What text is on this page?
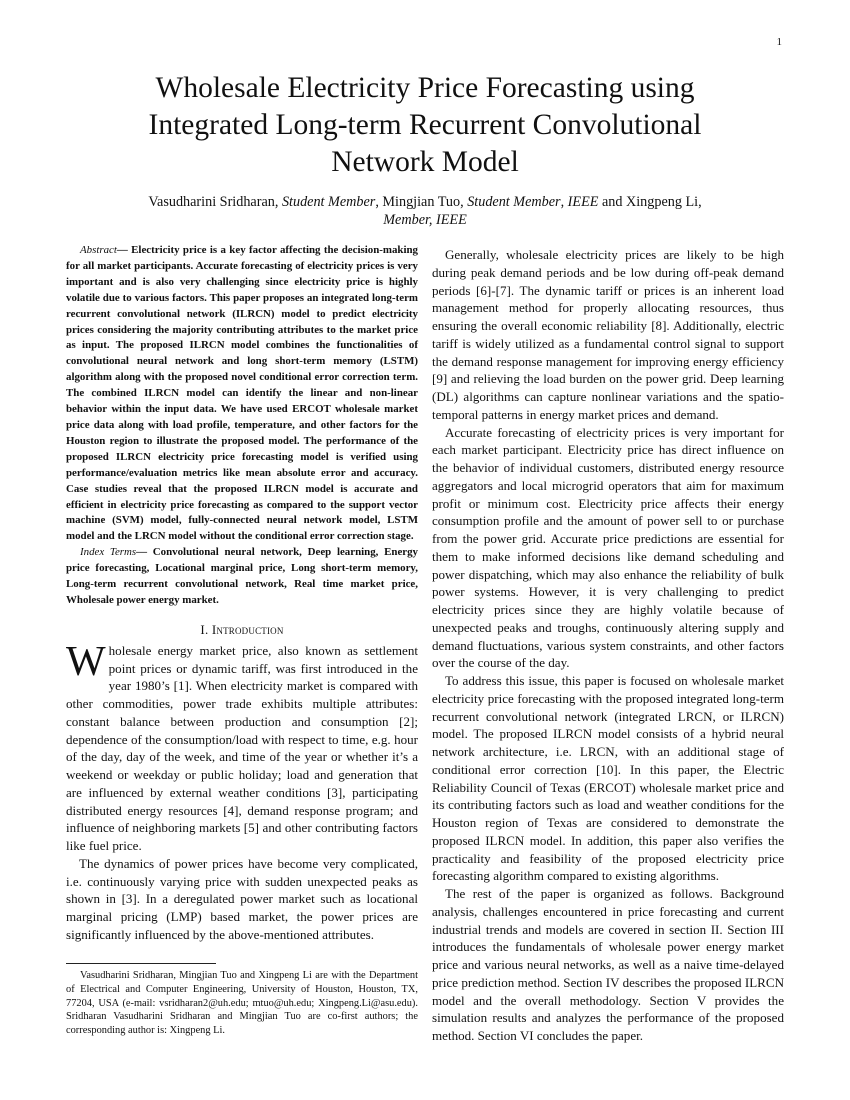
1
Wholesale Electricity Price Forecasting using
Integrated Long-term Recurrent Convolutional
Network Model
Vasudharini Sridharan, Student Member, Mingjian Tuo, Student Member, IEEE and Xingpeng Li,
Member, IEEE

Abstract— Electricity price is a key factor affecting the decision-making for all market participants. Accurate forecasting of electricity prices is very important and is also very challenging since electricity price is highly volatile due to various factors. This paper proposes an integrated long-term recurrent convolutional network (ILRCN) model to predict electricity prices considering the majority contributing attributes to the market price as input. The proposed ILRCN model combines the functionalities of convolutional neural network and long short-term memory (LSTM) algorithm along with the proposed novel conditional error correction term. The combined ILRCN model can identify the linear and non-linear behavior within the input data. We have used ERCOT wholesale market price data along with load profile, temperature, and other factors for the Houston region to illustrate the proposed model. The performance of the proposed ILRCN electricity price forecasting model is verified using performance/evaluation metrics like mean absolute error and accuracy. Case studies reveal that the proposed ILRCN model is accurate and efficient in electricity price forecasting as compared to the support vector machine (SVM) model, fully-connected neural network model, LSTM model and the LRCN model without the conditional error correction stage.

Index Terms— Convolutional neural network, Deep learning, Energy price forecasting, Locational marginal price, Long short-term memory, Long-term recurrent convolutional network, Real time market price, Wholesale power energy market.

I. Introduction

Wholesale energy market price, also known as settlement point prices or dynamic tariff, was first introduced in the year 1980’s [1]. When electricity market is compared with other commodities, power trade exhibits multiple attributes: constant balance between production and consumption [2]; dependence of the consumption/load with respect to time, e.g. hour of the day, day of the week, and time of the year or whether it’s a weekend or weekday or public holiday; load and generation that are influenced by external weather conditions [3], participating distributed energy resources [4], demand response program; and influence of neighboring markets [5] and other contributing factors like fuel price.

The dynamics of power prices have become very complicated, i.e. continuously varying price with sudden unexpected peaks as shown in [3]. In a deregulated power market such as locational marginal pricing (LMP) based market, the power prices are significantly influenced by the above-mentioned attributes.

Vasudharini Sridharan, Mingjian Tuo and Xingpeng Li are with the Department of Electrical and Computer Engineering, University of Houston, Houston, TX, 77204, USA (e-mail: vsridharan2@uh.edu; mtuo@uh.edu; Xingpeng.Li@asu.edu). Sridharan Vasudharini Sridharan and Mingjian Tuo are co-first authors; the corresponding author is: Xingpeng Li.

Generally, wholesale electricity prices are likely to be high during peak demand periods and be low during off-peak demand periods [6]-[7]. The dynamic tariff or prices is an inherent load management method for properly allocating resources, thus ensuring the overall economic reliability [8]. Additionally, electric tariff is widely utilized as a fundamental control signal to support the demand response management for improving energy efficiency [9] and relieving the load burden on the power grid. Deep learning (DL) algorithms can capture nonlinear variations and the spatio-temporal patterns in energy market prices and demand.

Accurate forecasting of electricity prices is very important for each market participant. Electricity price has direct influence on the behavior of individual customers, distributed energy resource aggregators and local microgrid operators that aim for maximum profit or minimum cost. Electricity price affects their energy consumption profile and the amount of power sell to or purchase from the power grid. Accurate price predictions are essential for them to make informed decisions like demand scheduling and power dispatching, which may also enhance the reliability of bulk power systems. However, it is very challenging to predict electricity prices since they are highly volatile because of unexpected peaks and troughs, continuously altering supply and demand fluctuations, various system constraints, and other factors over the course of the day.

To address this issue, this paper is focused on wholesale market electricity price forecasting with the proposed integrated long-term recurrent convolutional network (integrated LRCN, or ILRCN) model. The proposed ILRCN model consists of a hybrid neural network architecture, i.e. LRCN, with an additional stage of conditional error correction [10]. In this paper, the Electric Reliability Council of Texas (ERCOT) wholesale market price and its contributing factors such as load and weather conditions for the Houston region of Texas are considered to demonstrate the proposed ILRCN model. In addition, this paper also verifies the practicality and feasibility of the proposed electricity price forecasting algorithm compared to existing algorithms.

The rest of the paper is organized as follows. Background analysis, challenges encountered in price forecasting and current industrial trends and models are covered in section II. Section III introduces the fundamentals of wholesale power energy market price and various neural networks, as well as a naive time-delayed price prediction method. Section IV describes the proposed ILRCN model and the overall methodology. Section V provides the simulation results and analyzes the performance of the proposed method. Section VI concludes the paper.
